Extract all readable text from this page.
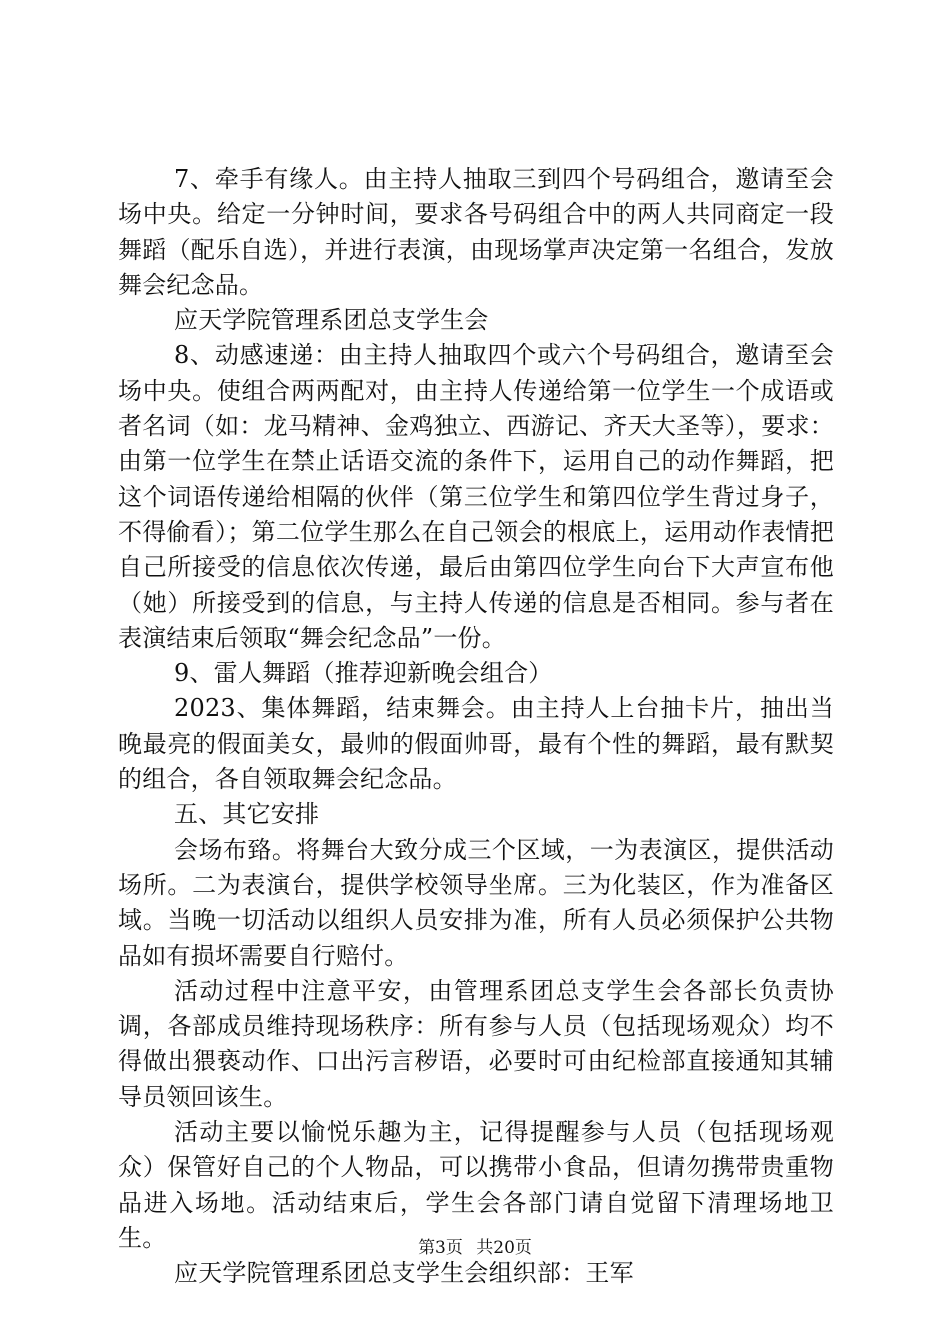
7、牵手有缘人。由主持人抽取三到四个号码组合，邀请至会场中央。给定一分钟时间，要求各号码组合中的两人共同商定一段舞蹈（配乐自选），并进行表演，由现场掌声决定第一名组合，发放舞会纪念品。

应天学院管理系团总支学生会

8、动感速递：由主持人抽取四个或六个号码组合，邀请至会场中央。使组合两两配对，由主持人传递给第一位学生一个成语或者名词（如：龙马精神、金鸡独立、西游记、齐天大圣等），要求：由第一位学生在禁止话语交流的条件下，运用自己的动作舞蹈，把这个词语传递给相隔的伙伴（第三位学生和第四位学生背过身子，不得偷看）；第二位学生那么在自己领会的根底上，运用动作表情把自己所接受的信息依次传递，最后由第四位学生向台下大声宣布他（她）所接受到的信息，与主持人传递的信息是否相同。参与者在表演结束后领取“舞会纪念品”一份。

9、雷人舞蹈（推荐迎新晚会组合）

2023、集体舞蹈，结束舞会。由主持人上台抽卡片，抽出当晚最亮的假面美女，最帅的假面帅哥，最有个性的舞蹈，最有默契的组合，各自领取舞会纪念品。

五、其它安排

会场布臵。将舞台大致分成三个区域，一为表演区，提供活动场所。二为表演台，提供学校领导坐席。三为化装区，作为准备区域。当晚一切活动以组织人员安排为准，所有人员必须保护公共物品如有损坏需要自行赔付。

活动过程中注意平安，由管理系团总支学生会各部长负责协调，各部成员维持现场秩序：所有参与人员（包括现场观众）均不得做出猥亵动作、口出污言秽语，必要时可由纪检部直接通知其辅导员领回该生。

活动主要以愉悦乐趣为主，记得提醒参与人员（包括现场观众）保管好自己的个人物品，可以携带小食品，但请勿携带贵重物品进入场地。活动结束后，学生会各部门请自觉留下清理场地卫生。

应天学院管理系团总支学生会组织部：王军

第3页 共20页
